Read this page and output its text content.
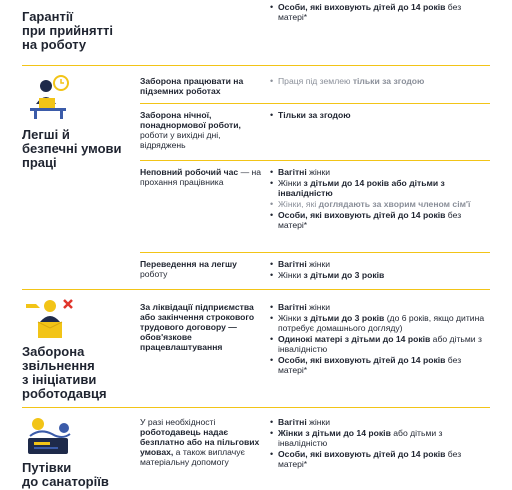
Гарантії
при прийнятті
на роботу
• Особи, які виховують дітей до 14 років без матері*
Легші й
безпечні умови
праці
Заборона працювати на підземних роботах
• Праця під землею тільки за згодою
Заборона нічної, понаднормової роботи, роботи у вихідні дні, відряджень
• Тільки за згодою
Неповний робочий час — на прохання працівника
• Вагітні жінки
• Жінки з дітьми до 14 років або дітьми з інвалідністю
• Жінки, які доглядають за хворим членом сім'ї
• Особи, які виховують дітей до 14 років без матері*
Переведення на легшу роботу
• Вагітні жінки
• Жінки з дітьми до 3 років
Заборона
звільнення
з ініціативи
роботодавця
За ліквідації підприємства або закінчення строкового трудового договору — обов'язкове працевлаштування
• Вагітні жінки
• Жінки з дітьми до 3 років (до 6 років, якщо дитина потребує домашнього догляду)
• Одинокі матері з дітьми до 14 років або дітьми з інвалідністю
• Особи, які виховують дітей до 14 років без матері*
Путівки
до санаторіїв
У разі необхідності роботодавець надає безплатно або на пільгових умовах, а також виплачує матеріальну допомогу
• Вагітні жінки
• Жінки з дітьми до 14 років або дітьми з інвалідністю
• Особи, які виховують дітей до 14 років без матері*
